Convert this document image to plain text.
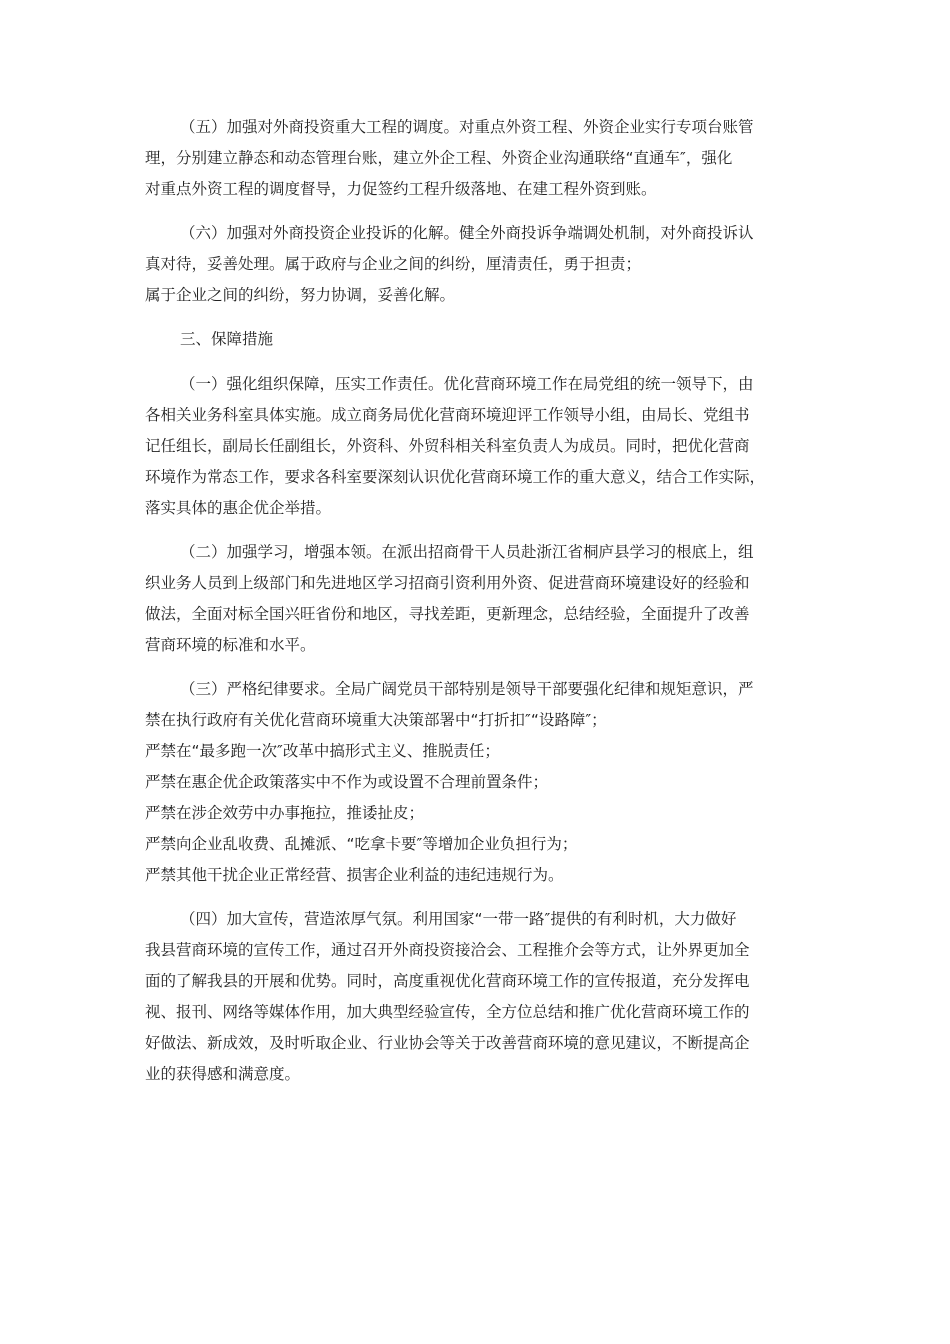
（五）加强对外商投资重大工程的调度。对重点外资工程、外资企业实行专项台账管
理，分别建立静态和动态管理台账，建立外企工程、外资企业沟通联络“直通车″，强化
对重点外资工程的调度督导，力促签约工程升级落地、在建工程外资到账。
（六）加强对外商投资企业投诉的化解。健全外商投诉争端调处机制，对外商投诉认
真对待，妥善处理。属于政府与企业之间的纠纷，厘清责任，勇于担责；
属于企业之间的纠纷，努力协调，妥善化解。
三、保障措施
（一）强化组织保障，压实工作责任。优化营商环境工作在局党组的统一领导下，由
各相关业务科室具体实施。成立商务局优化营商环境迎评工作领导小组，由局长、党组书
记任组长，副局长任副组长，外资科、外贸科相关科室负责人为成员。同时，把优化营商
环境作为常态工作，要求各科室要深刻认识优化营商环境工作的重大意义，结合工作实际，
落实具体的惠企优企举措。
（二）加强学习，增强本领。在派出招商骨干人员赴浙江省桐庐县学习的根底上，组
织业务人员到上级部门和先进地区学习招商引资利用外资、促进营商环境建设好的经验和
做法，全面对标全国兴旺省份和地区，寻找差距，更新理念，总结经验，全面提升了改善
营商环境的标准和水平。
（三）严格纪律要求。全局广阔党员干部特别是领导干部要强化纪律和规矩意识，严
禁在执行政府有关优化营商环境重大决策部署中“打折扣″“设路障″；
严禁在“最多跑一次″改革中搞形式主义、推脱责任；
严禁在惠企优企政策落实中不作为或设置不合理前置条件；
严禁在涉企效劳中办事拖拉，推诿扯皮；
严禁向企业乱收费、乱摊派、“吃拿卡要″等增加企业负担行为；
严禁其他干扰企业正常经营、损害企业利益的违纪违规行为。
（四）加大宣传，营造浓厚气氛。利用国家“一带一路″提供的有利时机，大力做好
我县营商环境的宣传工作，通过召开外商投资接洽会、工程推介会等方式，让外界更加全
面的了解我县的开展和优势。同时，高度重视优化营商环境工作的宣传报道，充分发挥电
视、报刊、网络等媒体作用，加大典型经验宣传，全方位总结和推广优化营商环境工作的
好做法、新成效，及时听取企业、行业协会等关于改善营商环境的意见建议，不断提高企
业的获得感和满意度。
